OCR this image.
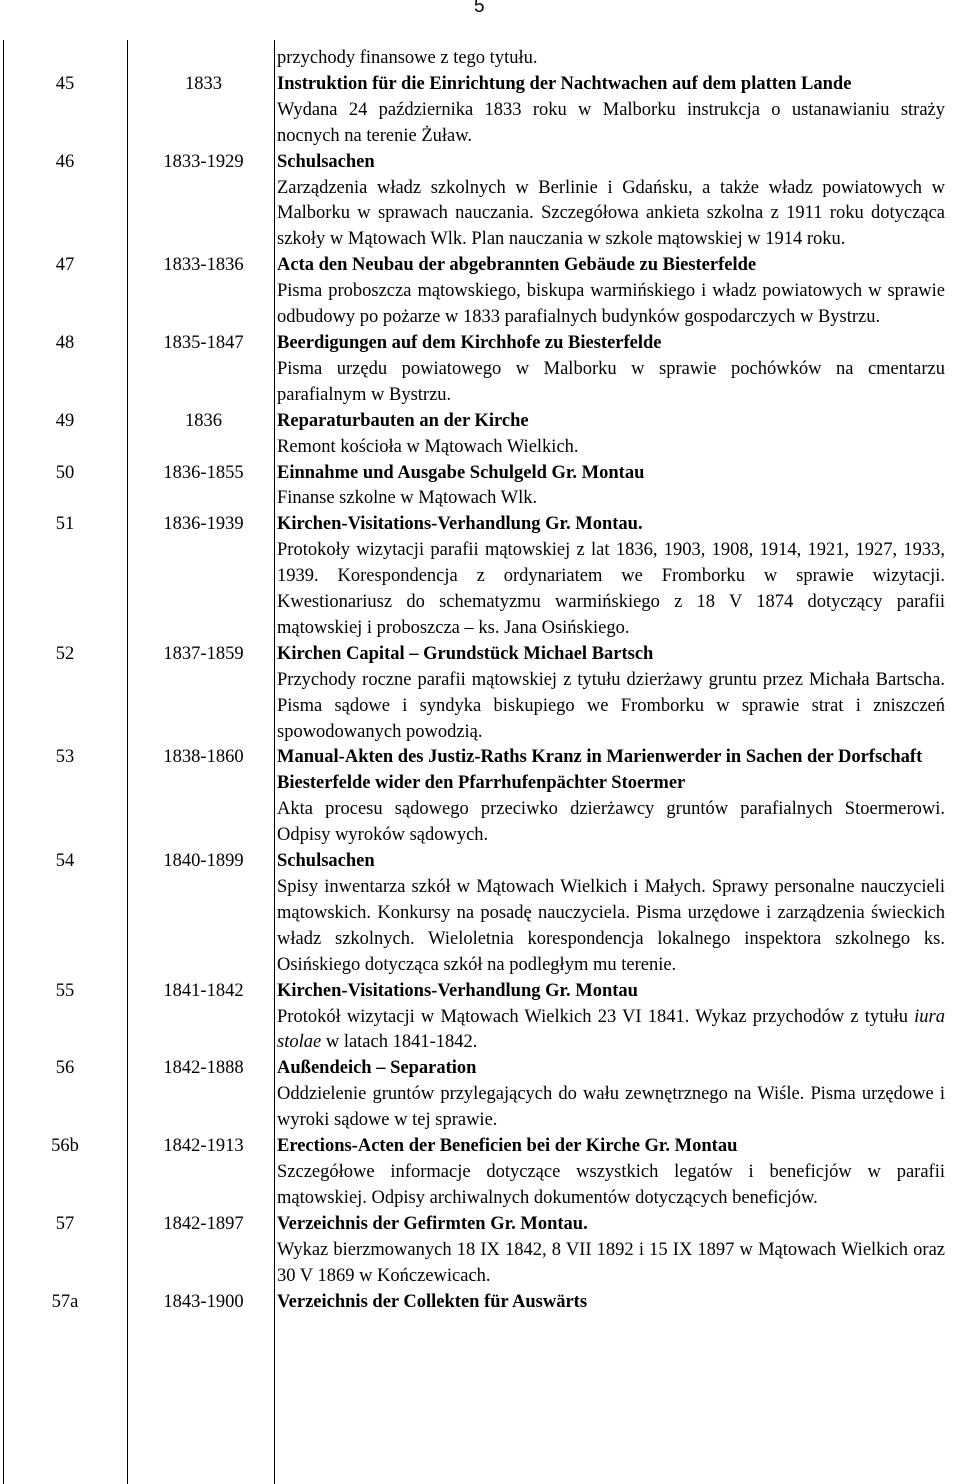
5
przychody finansowe z tego tytułu.
45	1833	Instruktion für die Einrichtung der Nachtwachen auf dem platten Lande
Wydana 24 października 1833 roku w Malborku instrukcja o ustanawianiu straży nocnych na terenie Żuław.
46	1833-1929	Schulsachen
Zarządzenia władz szkolnych w Berlinie i Gdańsku, a także władz powiatowych w Malborku w sprawach nauczania. Szczegółowa ankieta szkolna z 1911 roku dotycząca szkoły w Mątowach Wlk. Plan nauczania w szkole mątowskiej w 1914 roku.
47	1833-1836	Acta den Neubau der abgebrannten Gebäude zu Biesterfelde
Pisma proboszcza mątowskiego, biskupa warmińskiego i władz powiatowych w sprawie odbudowy po pożarze w 1833 parafialnych budynków gospodarczych w Bystrzu.
48	1835-1847	Beerdigungen auf dem Kirchhofe zu Biesterfelde
Pisma urzędu powiatowego w Malborku w sprawie pochówków na cmentarzu parafialnym w Bystrzu.
49	1836	Reparaturbauten an der Kirche
Remont kościoła w Mątowach Wielkich.
50	1836-1855	Einnahme und Ausgabe Schulgeld Gr. Montau
Finanse szkolne w Mątowach Wlk.
51	1836-1939	Kirchen-Visitations-Verhandlung Gr. Montau.
Protokoły wizytacji parafii mątowskiej z lat 1836, 1903, 1908, 1914, 1921, 1927, 1933, 1939. Korespondencja z ordynariatem we Fromborku w sprawie wizytacji. Kwestionariusz do schematyzmu warmińskiego z 18 V 1874 dotyczący parafii mątowskiej i proboszcza – ks. Jana Osińskiego.
52	1837-1859	Kirchen Capital – Grundstück Michael Bartsch
Przychody roczne parafii mątowskiej z tytułu dzierżawy gruntu przez Michała Bartscha. Pisma sądowe i syndyka biskupiego we Fromborku w sprawie strat i zniszczeń spowodowanych powodzią.
53	1838-1860	Manual-Akten des Justiz-Raths Kranz in Marienwerder in Sachen der Dorfschaft Biesterfelde wider den Pfarrhufenpächter Stoermer
Akta procesu sądowego przeciwko dzierżawcy gruntów parafialnych Stoermerowi. Odpisy wyroków sądowych.
54	1840-1899	Schulsachen
Spisy inwentarza szkół w Mątowach Wielkich i Małych. Sprawy personalne nauczycieli mątowskich. Konkursy na posadę nauczyciela. Pisma urzędowe i zarządzenia świeckich władz szkolnych. Wieloletnia korespondencja lokalnego inspektora szkolnego ks. Osińskiego dotycząca szkół na podległym mu terenie.
55	1841-1842	Kirchen-Visitations-Verhandlung Gr. Montau
Protokół wizytacji w Mątowach Wielkich 23 VI 1841. Wykaz przychodów z tytułu iura stolae w latach 1841-1842.
56	1842-1888	Außendeich – Separation
Oddzielenie gruntów przylegających do wału zewnętrznego na Wiśle. Pisma urzędowe i wyroki sądowe w tej sprawie.
56b	1842-1913	Erections-Acten der Beneficien bei der Kirche Gr. Montau
Szczegółowe informacje dotyczące wszystkich legatów i beneficjów w parafii mątowskiej. Odpisy archiwalnych dokumentów dotyczących beneficjów.
57	1842-1897	Verzeichnis der Gefirmten Gr. Montau.
Wykaz bierzmowanych 18 IX 1842, 8 VII 1892 i 15 IX 1897 w Mątowach Wielkich oraz 30 V 1869 w Kończewicach.
57a	1843-1900	Verzeichnis der Collekten für Auswärts
